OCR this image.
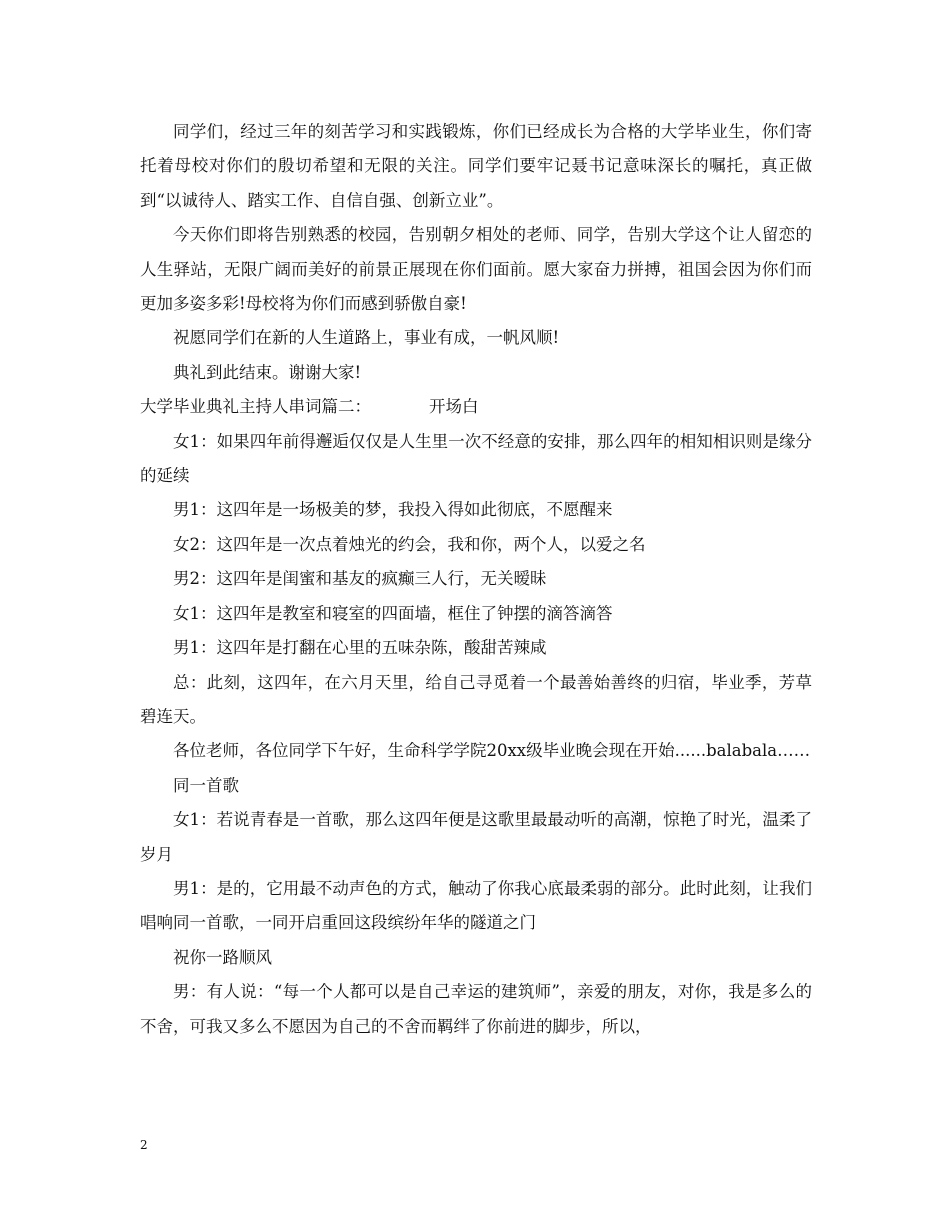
同学们，经过三年的刻苦学习和实践锻炼，你们已经成长为合格的大学毕业生，你们寄托着母校对你们的殷切希望和无限的关注。同学们要牢记聂书记意味深长的嘱托，真正做到“以诚待人、踏实工作、自信自强、创新立业”。

今天你们即将告别熟悉的校园，告别朝夕相处的老师、同学，告别大学这个让人留恋的人生驿站，无限广阔而美好的前景正展现在你们面前。愿大家奋力拼搏，祖国会因为你们而更加多姿多彩!母校将为你们而感到骄傲自豪!

祝愿同学们在新的人生道路上，事业有成，一帆风顺!

典礼到此结束。谢谢大家!

大学毕业典礼主持人串词篇二：	开场白

女1：如果四年前得邂逅仅仅是人生里一次不经意的安排，那么四年的相知相识则是缘分的延续

男1：这四年是一场极美的梦，我投入得如此彻底，不愿醒来

女2：这四年是一次点着烛光的约会，我和你，两个人，以爱之名

男2：这四年是闺蜜和基友的疯癫三人行，无关暧昧

女1：这四年是教室和寝室的四面墙，框住了钟摆的滴答滴答

男1：这四年是打翻在心里的五味杂陈，酸甜苦辣咸

总：此刻，这四年，在六月天里，给自己寻觅着一个最善始善终的归宿，毕业季，芳草碧连天。

各位老师，各位同学下午好，生命科学学院20xx级毕业晚会现在开始......balabala……

同一首歌

女1：若说青春是一首歌，那么这四年便是这歌里最最动听的高潮，惊艳了时光，温柔了岁月

男1：是的，它用最不动声色的方式，触动了你我心底最柔弱的部分。此时此刻，让我们唱响同一首歌，一同开启重回这段缤纷年华的隧道之门

祝你一路顺风

男：有人说：“每一个人都可以是自己幸运的建筑师”，亲爱的朋友，对你，我是多么的不舍，可我又多么不愿因为自己的不舍而羁绊了你前进的脚步，所以，

2
